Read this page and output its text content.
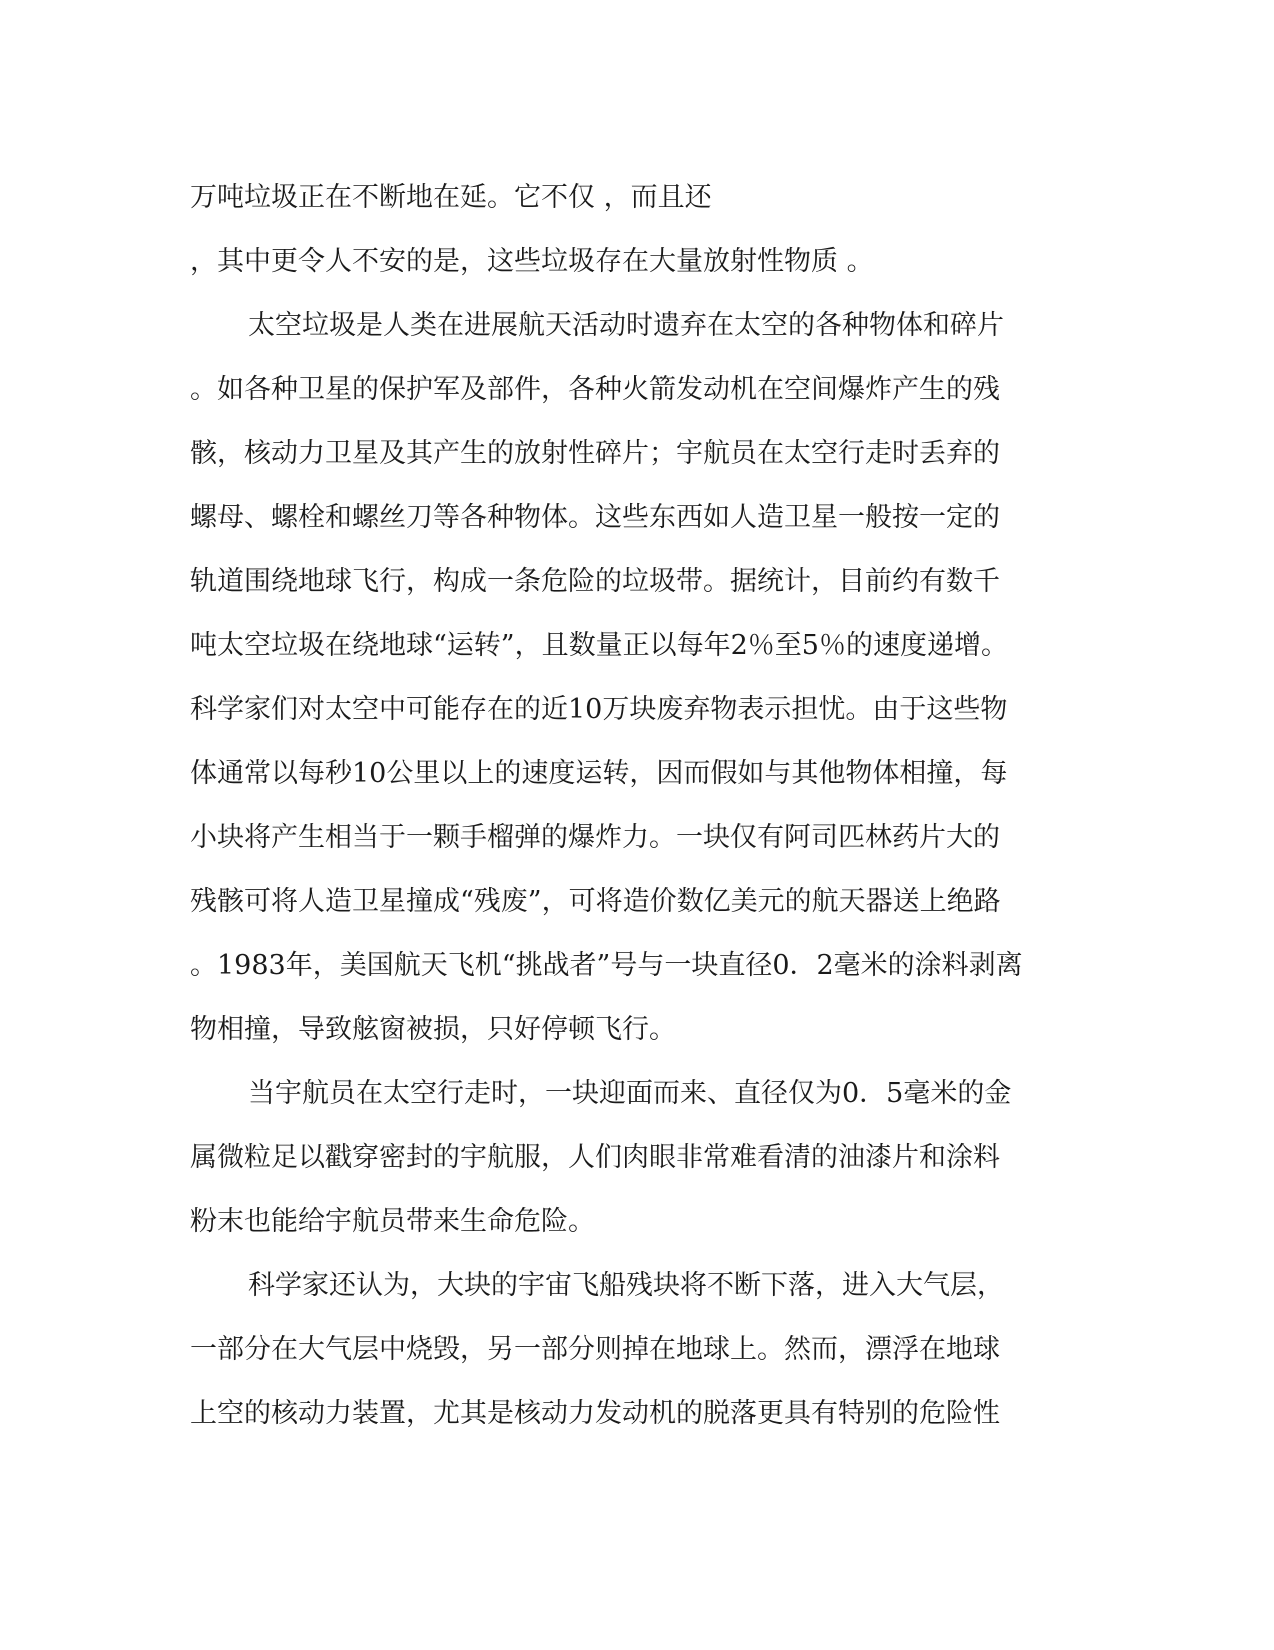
万吨垃圾正在不断地在延。它不仅 ，而且还
，其中更令人不安的是，这些垃圾存在大量放射性物质 。
太空垃圾是人类在进展航天活动时遗弃在太空的各种物体和碎片
。如各种卫星的保护军及部件，各种火箭发动机在空间爆炸产生的残
骸，核动力卫星及其产生的放射性碎片；宇航员在太空行走时丢弃的
螺母、螺栓和螺丝刀等各种物体。这些东西如人造卫星一般按一定的
轨道围绕地球飞行，构成一条危险的垃圾带。据统计，目前约有数千
吨太空垃圾在绕地球“运转”，且数量正以每年2％至5％的速度递增。
科学家们对太空中可能存在的近10万块废弃物表示担忧。由于这些物
体通常以每秒10公里以上的速度运转，因而假如与其他物体相撞，每
小块将产生相当于一颗手榴弹的爆炸力。一块仅有阿司匹林药片大的
残骸可将人造卫星撞成“残废”，可将造价数亿美元的航天器送上绝路
。1983年，美国航天飞机“挑战者”号与一块直径0．2毫米的涂料剥离
物相撞，导致舷窗被损，只好停顿飞行。
当宇航员在太空行走时，一块迎面而来、直径仅为0．5毫米的金
属微粒足以戳穿密封的宇航服，人们肉眼非常难看清的油漆片和涂料
粉末也能给宇航员带来生命危险。
科学家还认为，大块的宇宙飞船残块将不断下落，进入大气层，
一部分在大气层中烧毁，另一部分则掉在地球上。然而，漂浮在地球
上空的核动力装置，尤其是核动力发动机的脱落更具有特别的危险性
